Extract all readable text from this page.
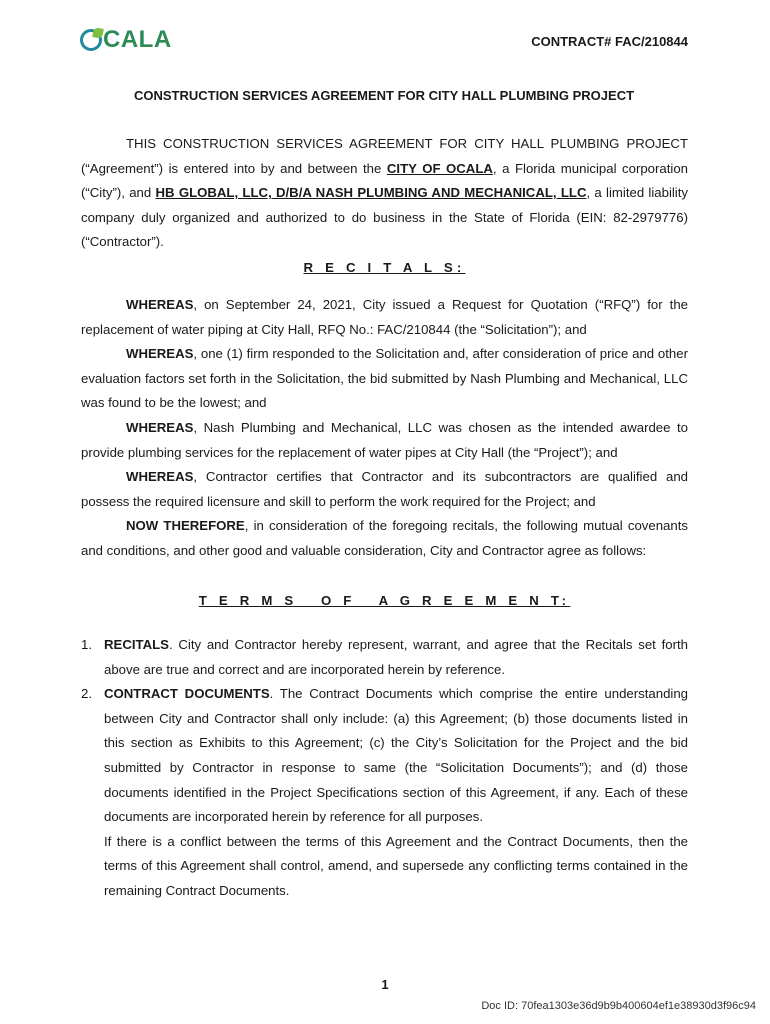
CALA	CONTRACT# FAC/210844
CONSTRUCTION SERVICES AGREEMENT FOR CITY HALL PLUMBING PROJECT

THIS CONSTRUCTION SERVICES AGREEMENT FOR CITY HALL PLUMBING PROJECT (“Agreement”) is entered into by and between the CITY OF OCALA, a Florida municipal corporation (“City”), and HB GLOBAL, LLC, D/B/A NASH PLUMBING AND MECHANICAL, LLC, a limited liability company duly organized and authorized to do business in the State of Florida (EIN: 82-2979776) (“Contractor”).

R E C I T A L S:

WHEREAS, on September 24, 2021, City issued a Request for Quotation (“RFQ”) for the replacement of water piping at City Hall, RFQ No.: FAC/210844 (the “Solicitation”); and

WHEREAS, one (1) firm responded to the Solicitation and, after consideration of price and other evaluation factors set forth in the Solicitation, the bid submitted by Nash Plumbing and Mechanical, LLC was found to be the lowest; and

WHEREAS, Nash Plumbing and Mechanical, LLC was chosen as the intended awardee to provide plumbing services for the replacement of water pipes at City Hall (the “Project”); and

WHEREAS, Contractor certifies that Contractor and its subcontractors are qualified and possess the required licensure and skill to perform the work required for the Project; and

NOW THEREFORE, in consideration of the foregoing recitals, the following mutual covenants and conditions, and other good and valuable consideration, City and Contractor agree as follows:

T E R M S   O F   A G R E E M E N T:
1. RECITALS. City and Contractor hereby represent, warrant, and agree that the Recitals set forth above are true and correct and are incorporated herein by reference.
2. CONTRACT DOCUMENTS. The Contract Documents which comprise the entire understanding between City and Contractor shall only include: (a) this Agreement; (b) those documents listed in this section as Exhibits to this Agreement; (c) the City’s Solicitation for the Project and the bid submitted by Contractor in response to same (the “Solicitation Documents”); and (d) those documents identified in the Project Specifications section of this Agreement, if any. Each of these documents are incorporated herein by reference for all purposes.
If there is a conflict between the terms of this Agreement and the Contract Documents, then the terms of this Agreement shall control, amend, and supersede any conflicting terms contained in the remaining Contract Documents.
1
Doc ID: 70fea1303e36d9b9b400604ef1e38930d3f96c94
